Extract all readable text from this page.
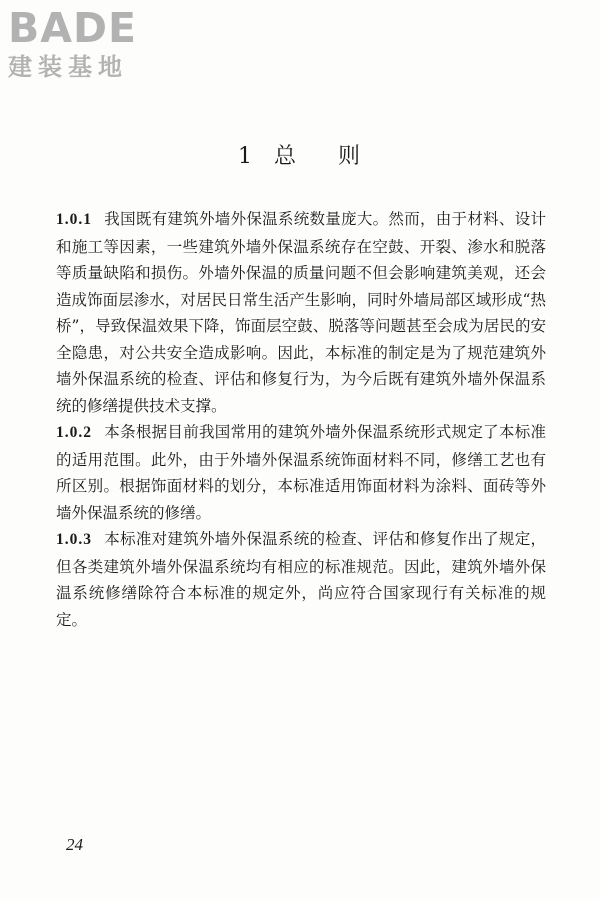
BADE
建装基地
1 总 则

1.0.1 我国既有建筑外墙外保温系统数量庞大。然而，由于材料、设计和施工等因素，一些建筑外墙外保温系统存在空鼓、开裂、渗水和脱落等质量缺陷和损伤。外墙外保温的质量问题不但会影响建筑美观，还会造成饰面层渗水，对居民日常生活产生影响，同时外墙局部区域形成“热桥”，导致保温效果下降，饰面层空鼓、脱落等问题甚至会成为居民的安全隐患，对公共安全造成影响。因此，本标准的制定是为了规范建筑外墙外保温系统的检查、评估和修复行为，为今后既有建筑外墙外保温系统的修缮提供技术支撑。

1.0.2 本条根据目前我国常用的建筑外墙外保温系统形式规定了本标准的适用范围。此外，由于外墙外保温系统饰面材料不同，修缮工艺也有所区别。根据饰面材料的划分，本标准适用饰面材料为涂料、面砖等外墙外保温系统的修缮。

1.0.3 本标准对建筑外墙外保温系统的检查、评估和修复作出了规定，但各类建筑外墙外保温系统均有相应的标准规范。因此，建筑外墙外保温系统修缮除符合本标准的规定外，尚应符合国家现行有关标准的规定。

24
